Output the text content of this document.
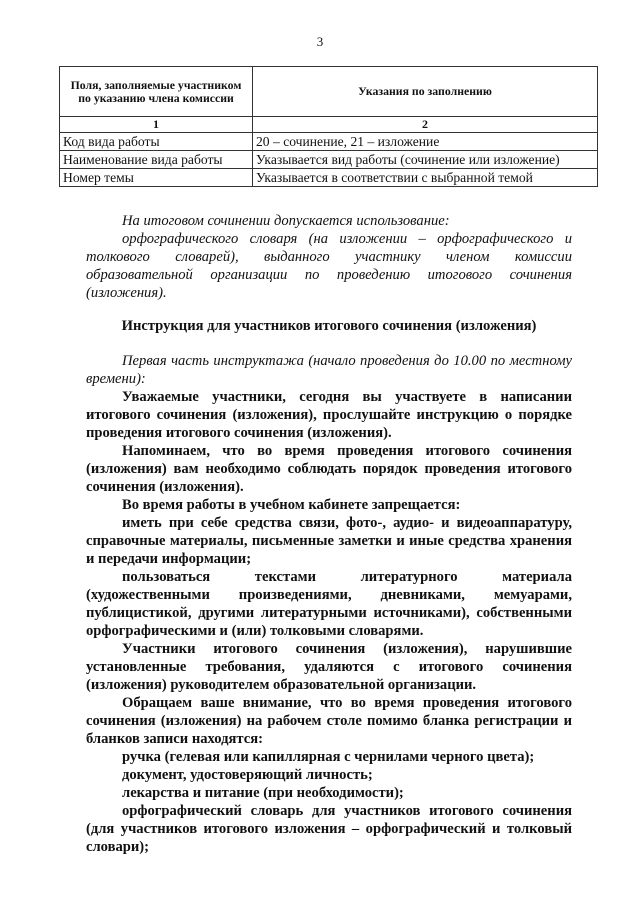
3
Поля, заполняемые участником по указанию члена комиссии	Указания по заполнению
1	2
Код вида работы	20 – сочинение, 21 – изложение
Наименование вида работы	Указывается вид работы (сочинение или изложение)
Номер темы	Указывается в соответствии с выбранной темой

На итоговом сочинении допускается использование:

орфографического словаря (на изложении – орфографического и толкового словарей), выданного участнику членом комиссии образовательной организации по проведению итогового сочинения (изложения).

Инструкция для участников итогового сочинения (изложения)

Первая часть инструктажа (начало проведения до 10.00 по местному времени):

Уважаемые участники, сегодня вы участвуете в написании итогового сочинения (изложения), прослушайте инструкцию о порядке проведения итогового сочинения (изложения).

Напоминаем, что во время проведения итогового сочинения (изложения) вам необходимо соблюдать порядок проведения итогового сочинения (изложения).

Во время работы в учебном кабинете запрещается:

иметь при себе средства связи, фото-, аудио- и видеоаппаратуру, справочные материалы, письменные заметки и иные средства хранения и передачи информации;

пользоваться текстами литературного материала (художественными произведениями, дневниками, мемуарами, публицистикой, другими литературными источниками), собственными орфографическими и (или) толковыми словарями.

Участники итогового сочинения (изложения), нарушившие установленные требования, удаляются с итогового сочинения (изложения) руководителем образовательной организации.

Обращаем ваше внимание, что во время проведения итогового сочинения (изложения) на рабочем столе помимо бланка регистрации и бланков записи находятся:

ручка (гелевая или капиллярная с чернилами черного цвета);

документ, удостоверяющий личность;

лекарства и питание (при необходимости);

орфографический словарь для участников итогового сочинения (для участников итогового изложения – орфографический и толковый словари);
